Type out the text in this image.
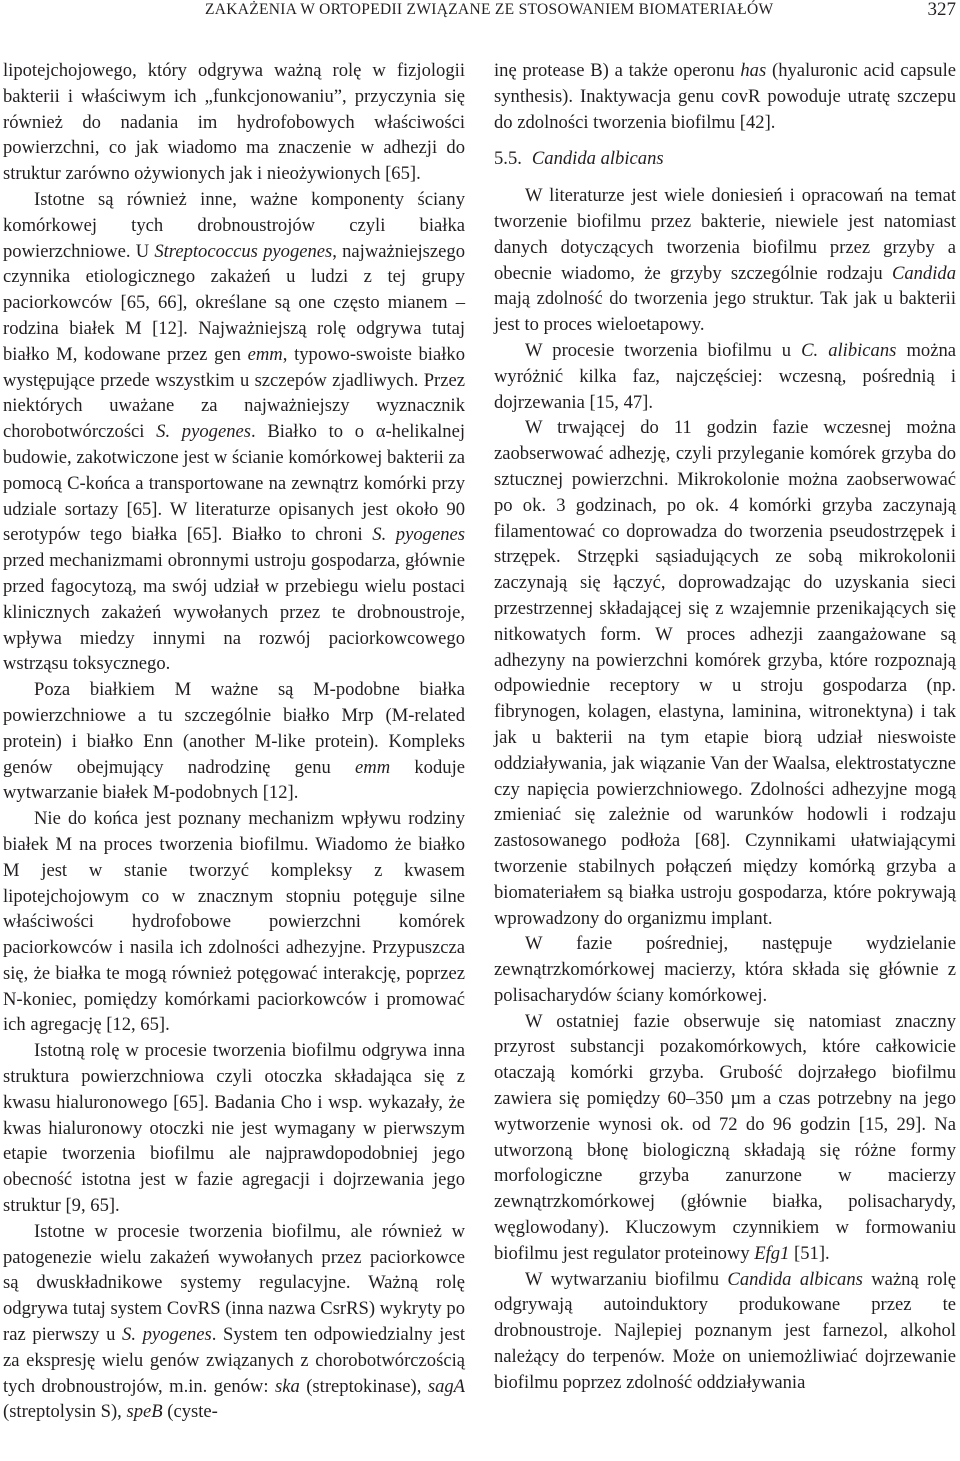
ZAKAŻENIA W ORTOPEDII ZWIĄZANE ZE STOSOWANIEM BIOMATERIAŁÓW	327

lipotejchojowego, który odgrywa ważną rolę w fizjologii bakterii i właściwym ich „funkcjonowaniu”, przyczynia się również do nadania im hydrofobowych właściwości powierzchni, co jak wiadomo ma znaczenie w adhezji do struktur zarówno ożywionych jak i nieożywionych [65].

Istotne są również inne, ważne komponenty ściany komórkowej tych drobnoustrojów czyli białka powierzchniowe. U Streptococcus pyogenes, najważniejszego czynnika etiologicznego zakażeń u ludzi z tej grupy paciorkowców [65, 66], określane są one często mianem – rodzina białek M [12]. Najważniejszą rolę odgrywa tutaj białko M, kodowane przez gen emm, typowo-swoiste białko występujące przede wszystkim u szczepów zjadliwych. Przez niektórych uważane za najważniejszy wyznacznik chorobotwórczości S. pyogenes. Białko to o α-helikalnej budowie, zakotwiczone jest w ścianie komórkowej bakterii za pomocą C-końca a transportowane na zewnątrz komórki przy udziale sortazy [65]. W literaturze opisanych jest około 90 serotypów tego białka [65]. Białko to chroni S. pyogenes przed mechanizmami obronnymi ustroju gospodarza, głównie przed fagocytozą, ma swój udział w przebiegu wielu postaci klinicznych zakażeń wywołanych przez te drobnoustroje, wpływa miedzy innymi na rozwój paciorkowcowego wstrząsu toksycznego.

Poza białkiem M ważne są M-podobne białka powierzchniowe a tu szczególnie białko Mrp (M-related protein) i białko Enn (another M-like protein). Kompleks genów obejmujący nadrodzinę genu emm koduje wytwarzanie białek M-podobnych [12].

Nie do końca jest poznany mechanizm wpływu rodziny białek M na proces tworzenia biofilmu. Wiadomo że białko M jest w stanie tworzyć kompleksy z kwasem lipotejchojowym co w znacznym stopniu potęguje silne właściwości hydrofobowe powierzchni komórek paciorkowców i nasila ich zdolności adhezyjne. Przypuszcza się, że białka te mogą również potęgować interakcję, poprzez N-koniec, pomiędzy komórkami paciorkowców i promować ich agregację [12, 65].

Istotną rolę w procesie tworzenia biofilmu odgrywa inna struktura powierzchniowa czyli otoczka składająca się z kwasu hialuronowego [65]. Badania Cho i wsp. wykazały, że kwas hialuronowy otoczki nie jest wymagany w pierwszym etapie tworzenia biofilmu ale najprawdopodobniej jego obecność istotna jest w fazie agregacji i dojrzewania jego struktur [9, 65].

Istotne w procesie tworzenia biofilmu, ale również w patogenezie wielu zakażeń wywołanych przez paciorkowce są dwuskładnikowe systemy regulacyjne. Ważną rolę odgrywa tutaj system CovRS (inna nazwa CsrRS) wykryty po raz pierwszy u S. pyogenes. System ten odpowiedzialny jest za ekspresję wielu genów związanych z chorobotwórczością tych drobnoustrojów, m.in. genów: ska (streptokinase), sagA (streptolysin S), speB (cyste-

inę protease B) a także operonu has (hyaluronic acid capsule synthesis). Inaktywacja genu covR powoduje utratę szczepu do zdolności tworzenia biofilmu [42].

5.5. Candida albicans

W literaturze jest wiele doniesień i opracowań na temat tworzenie biofilmu przez bakterie, niewiele jest natomiast danych dotyczących tworzenia biofilmu przez grzyby a obecnie wiadomo, że grzyby szczególnie rodzaju Candida mają zdolność do tworzenia jego struktur. Tak jak u bakterii jest to proces wieloetapowy.

W procesie tworzenia biofilmu u C. alibicans można wyróżnić kilka faz, najczęściej: wczesną, pośrednią i dojrzewania [15, 47].

W trwającej do 11 godzin fazie wczesnej można zaobserwować adhezję, czyli przyleganie komórek grzyba do sztucznej powierzchni. Mikrokolonie można zaobserwować po ok. 3 godzinach, po ok. 4 komórki grzyba zaczynają filamentować co doprowadza do tworzenia pseudostrzępek i strzępek. Strzępki sąsiadujących ze sobą mikrokolonii zaczynają się łączyć, doprowadzając do uzyskania sieci przestrzennej składającej się z wzajemnie przenikających się nitkowatych form. W proces adhezji zaangażowane są adhezyny na powierzchni komórek grzyba, które rozpoznają odpowiednie receptory w u stroju gospodarza (np. fibrynogen, kolagen, elastyna, laminina, witronektyna) i tak jak u bakterii na tym etapie biorą udział nieswoiste oddziaływania, jak wiązanie Van der Waalsa, elektrostatyczne czy napięcia powierzchniowego. Zdolności adhezyjne mogą zmieniać się zależnie od warunków hodowli i rodzaju zastosowanego podłoża [68]. Czynnikami ułatwiającymi tworzenie stabilnych połączeń między komórką grzyba a biomateriałem są białka ustroju gospodarza, które pokrywają wprowadzony do organizmu implant.

W fazie pośredniej, następuje wydzielanie zewnątrzkomórkowej macierzy, która składa się głównie z polisacharydów ściany komórkowej.

W ostatniej fazie obserwuje się natomiast znaczny przyrost substancji pozakomórkowych, które całkowicie otaczają komórki grzyba. Grubość dojrzałego biofilmu zawiera się pomiędzy 60–350 µm a czas potrzebny na jego wytworzenie wynosi ok. od 72 do 96 godzin [15, 29]. Na utworzoną błonę biologiczną składają się różne formy morfologiczne grzyba zanurzone w macierzy zewnątrzkomórkowej (głównie białka, polisacharydy, węglowodany). Kluczowym czynnikiem w formowaniu biofilmu jest regulator proteinowy Efg1 [51].

W wytwarzaniu biofilmu Candida albicans ważną rolę odgrywają autoinduktory produkowane przez te drobnoustroje. Najlepiej poznanym jest farnezol, alkohol należący do terpenów. Może on uniemożliwiać dojrzewanie biofilmu poprzez zdolność oddziaływania
